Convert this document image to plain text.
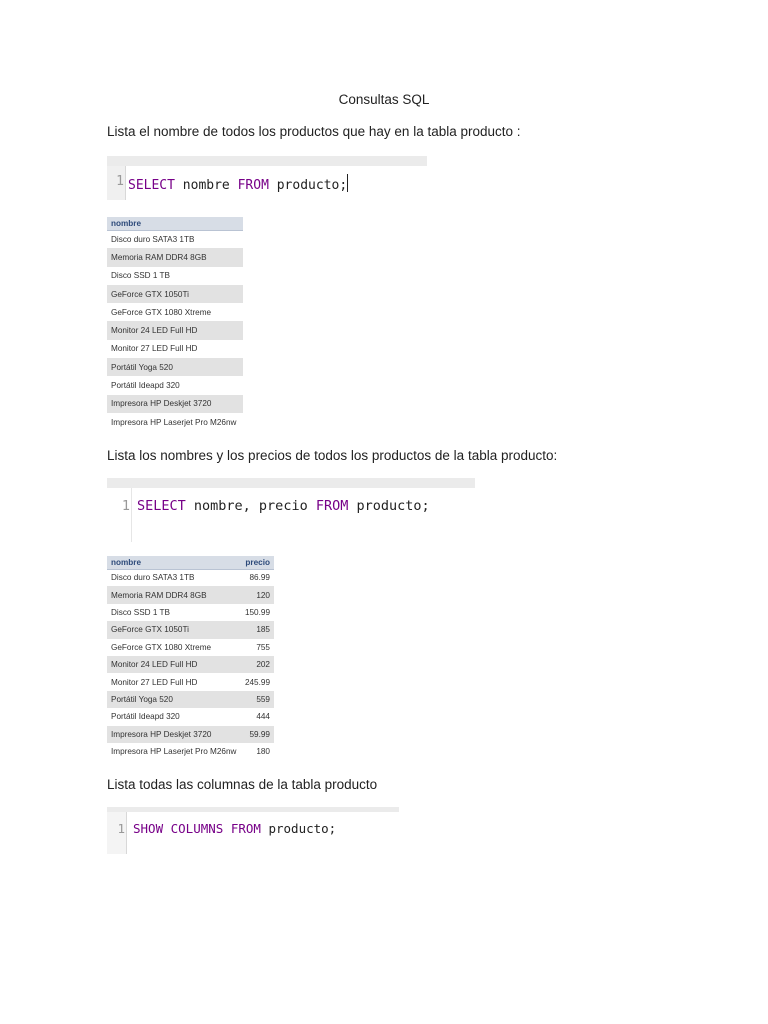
Consultas SQL
Lista el nombre de todos los productos que hay en la tabla producto :
1 SELECT nombre FROM producto;
nombre
Disco duro SATA3 1TB
Memoria RAM DDR4 8GB
Disco SSD 1 TB
GeForce GTX 1050Ti
GeForce GTX 1080 Xtreme
Monitor 24 LED Full HD
Monitor 27 LED Full HD
Portátil Yoga 520
Portátil Ideapd 320
Impresora HP Deskjet 3720
Impresora HP Laserjet Pro M26nw
Lista los nombres y los precios de todos los productos de la tabla producto:
1 SELECT nombre, precio FROM producto;
nombre	precio
Disco duro SATA3 1TB	86.99
Memoria RAM DDR4 8GB	120
Disco SSD 1 TB	150.99
GeForce GTX 1050Ti	185
GeForce GTX 1080 Xtreme	755
Monitor 24 LED Full HD	202
Monitor 27 LED Full HD	245.99
Portátil Yoga 520	559
Portátil Ideapd 320	444
Impresora HP Deskjet 3720	59.99
Impresora HP Laserjet Pro M26nw	180
Lista todas las columnas de la tabla producto
1 SHOW COLUMNS FROM producto;
